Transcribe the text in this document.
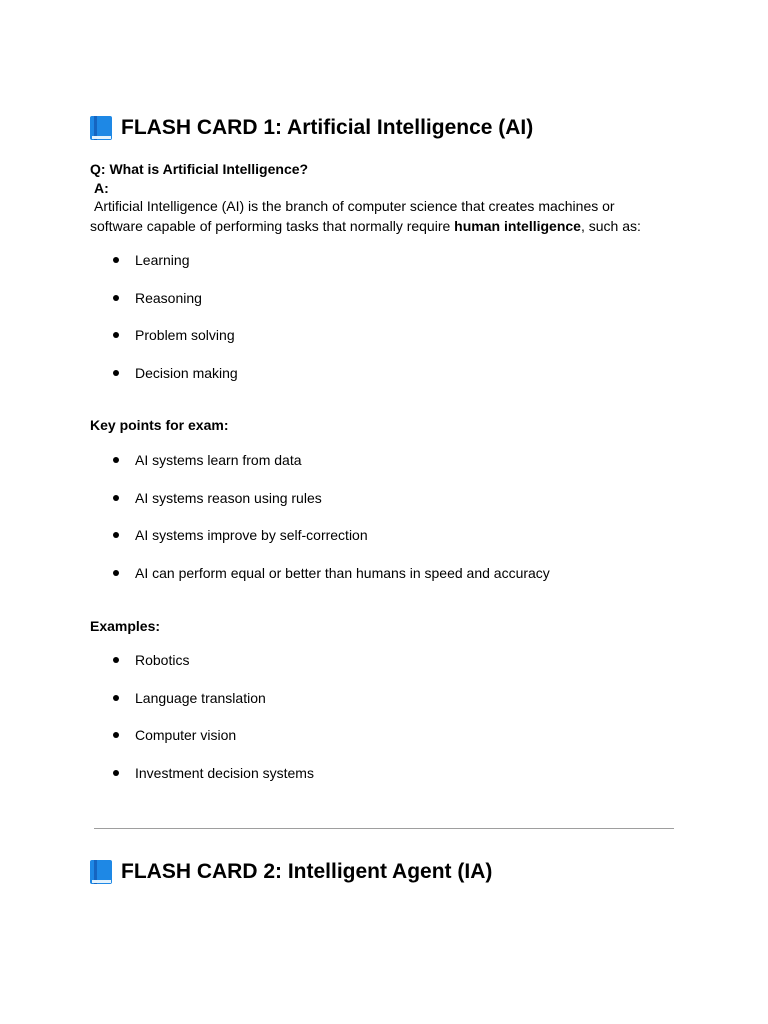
FLASH CARD 1: Artificial Intelligence (AI)
Q: What is Artificial Intelligence?
A:
Artificial Intelligence (AI) is the branch of computer science that creates machines or software capable of performing tasks that normally require human intelligence, such as:
Learning
Reasoning
Problem solving
Decision making
Key points for exam:
AI systems learn from data
AI systems reason using rules
AI systems improve by self-correction
AI can perform equal or better than humans in speed and accuracy
Examples:
Robotics
Language translation
Computer vision
Investment decision systems
FLASH CARD 2: Intelligent Agent (IA)
